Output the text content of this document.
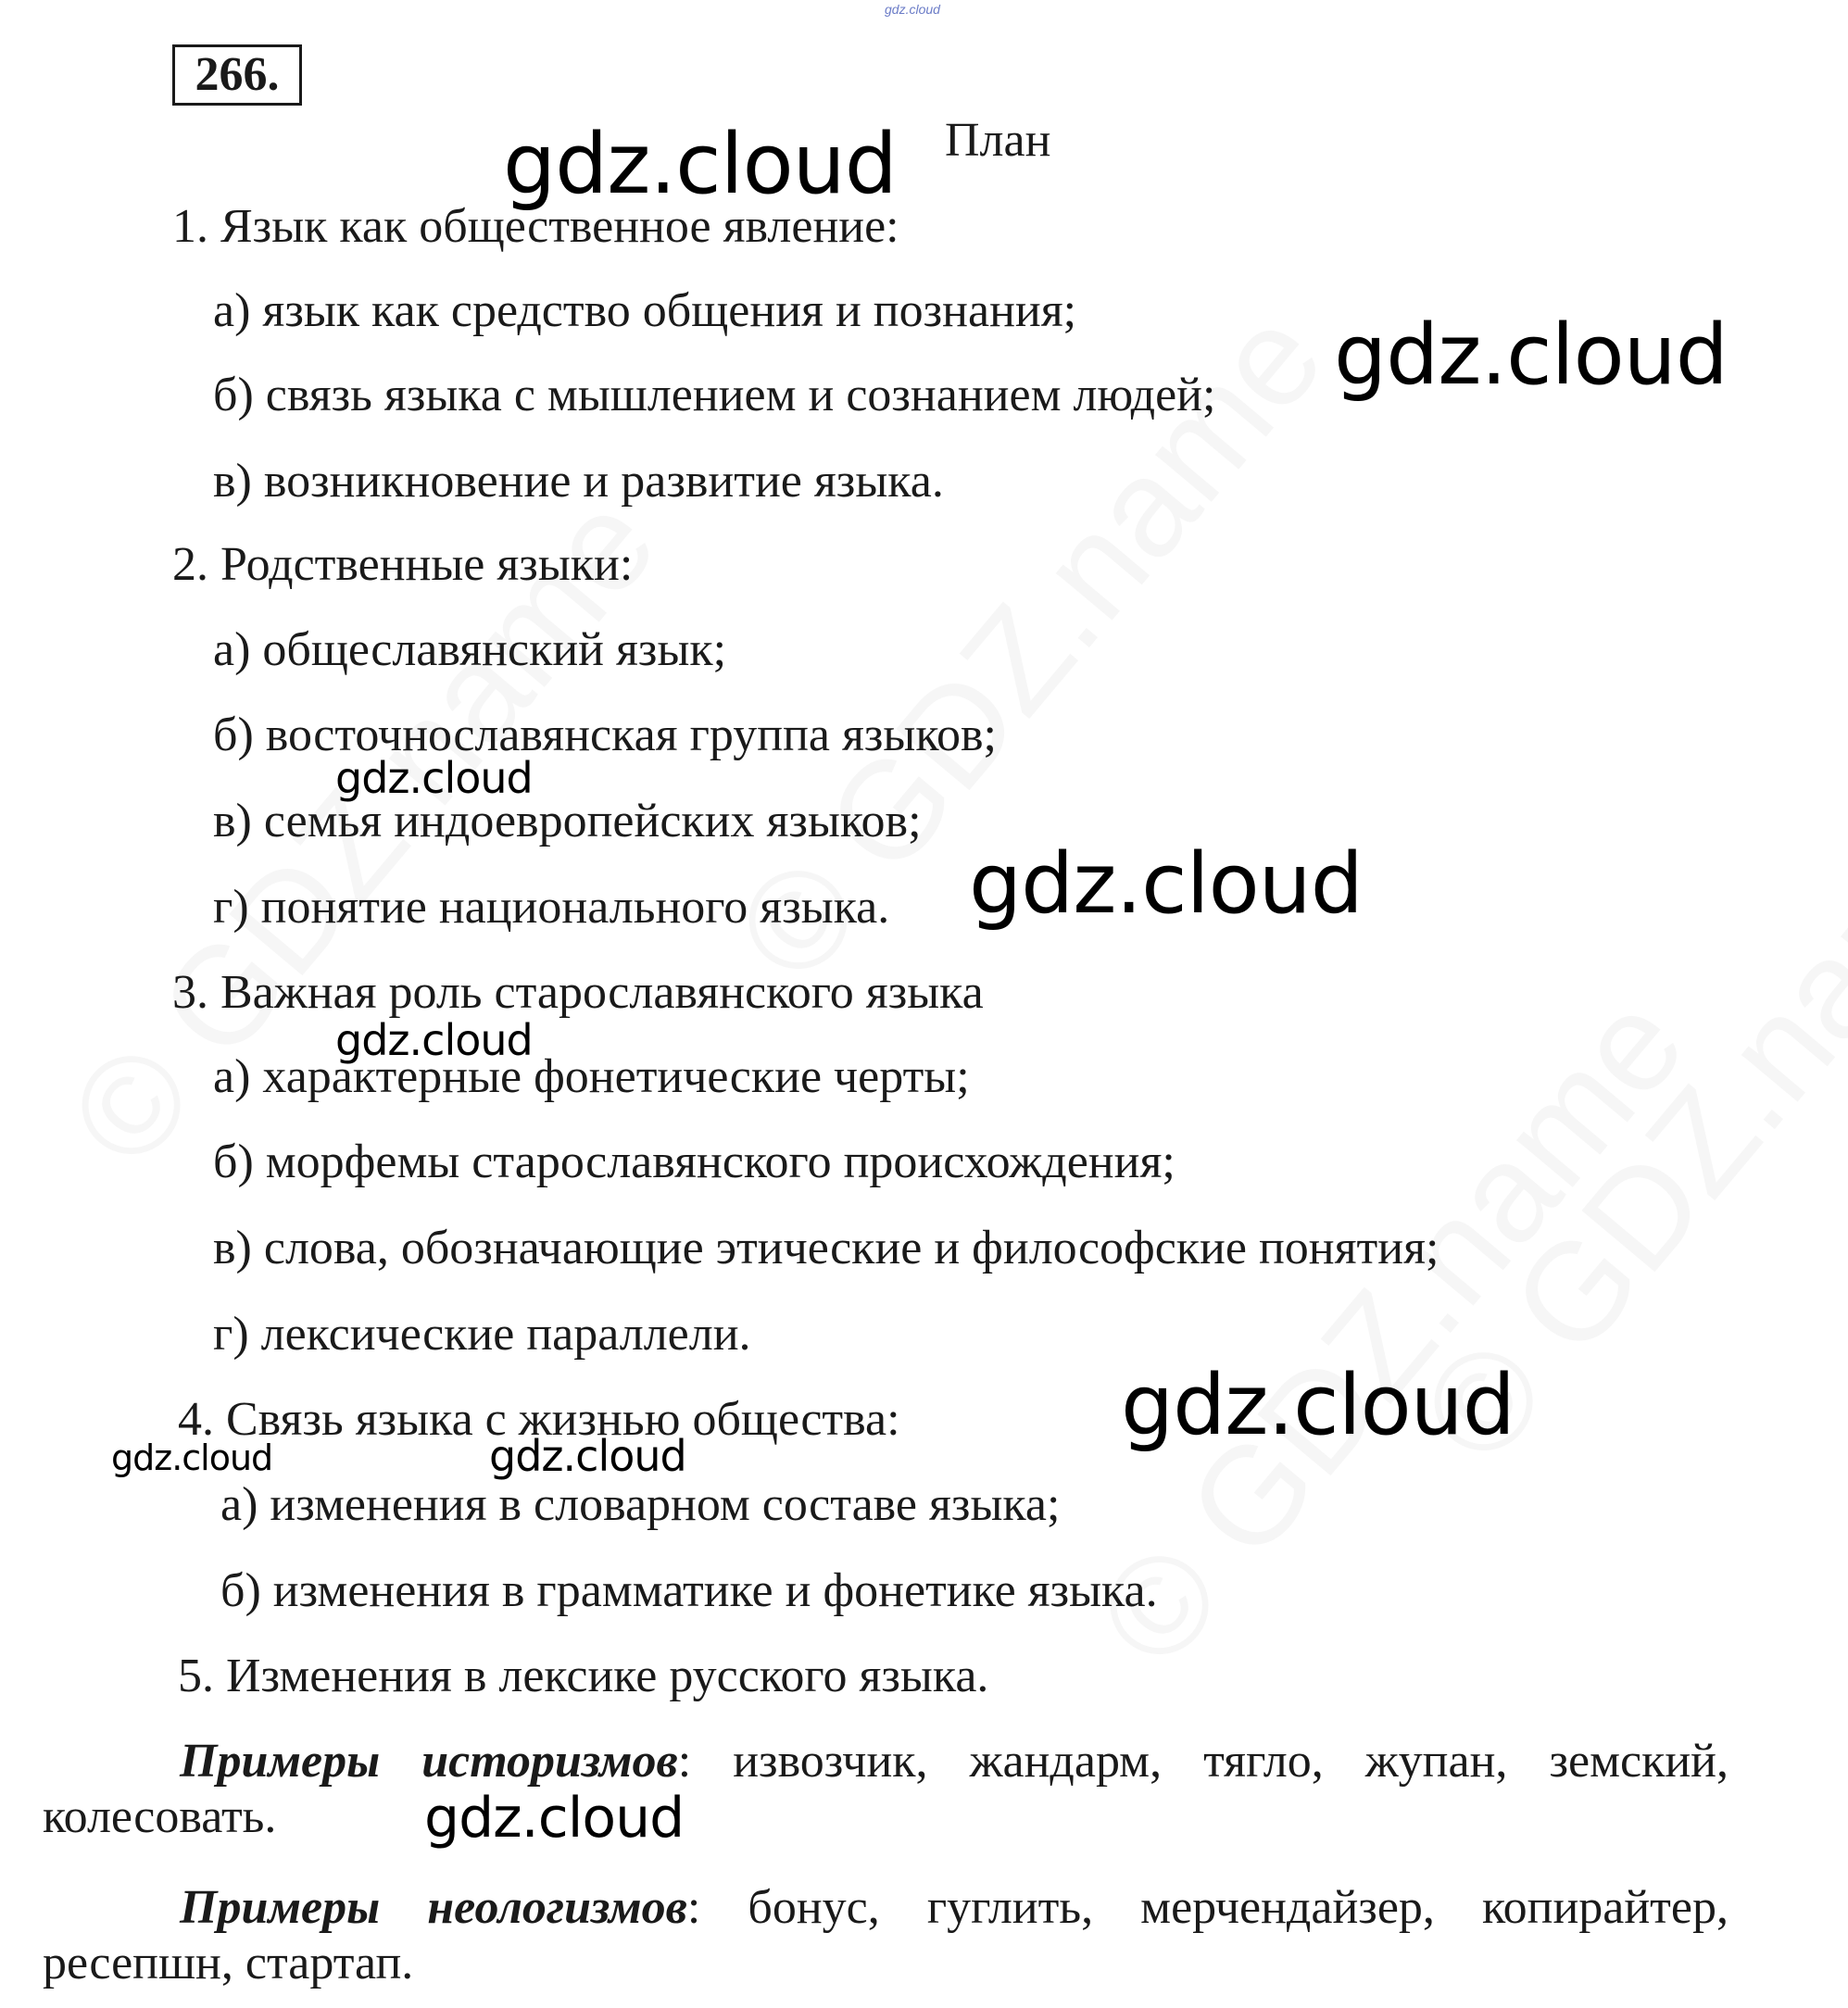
gdz.cloud
266.
План
1. Язык как общественное явление:
а) язык как средство общения и познания;
б) связь языка с мышлением и сознанием людей;
в) возникновение и развитие языка.
2. Родственные языки:
а) общеславянский язык;
б) восточнославянская группа языков;
в) семья индоевропейских языков;
г) понятие национального языка.
3. Важная роль старославянского языка
а) характерные фонетические черты;
б) морфемы старославянского происхождения;
в) слова, обозначающие этические и философские понятия;
г) лексические параллели.
4. Связь языка с жизнью общества:
а) изменения в словарном составе языка;
б) изменения в грамматике и фонетике языка.
5. Изменения в лексике русского языка.
Примеры историзмов: извозчик, жандарм, тягло, жупан, земский, колесовать.
Примеры неологизмов: бонус, гуглить, мерчендайзер, копирайтер, ресепшн, стартап.
gdz.cloud
gdz.cloud
gdz.cloud
gdz.cloud
gdz.cloud
gdz.cloud
gdz.cloud	gdz.cloud
gdz.cloud
